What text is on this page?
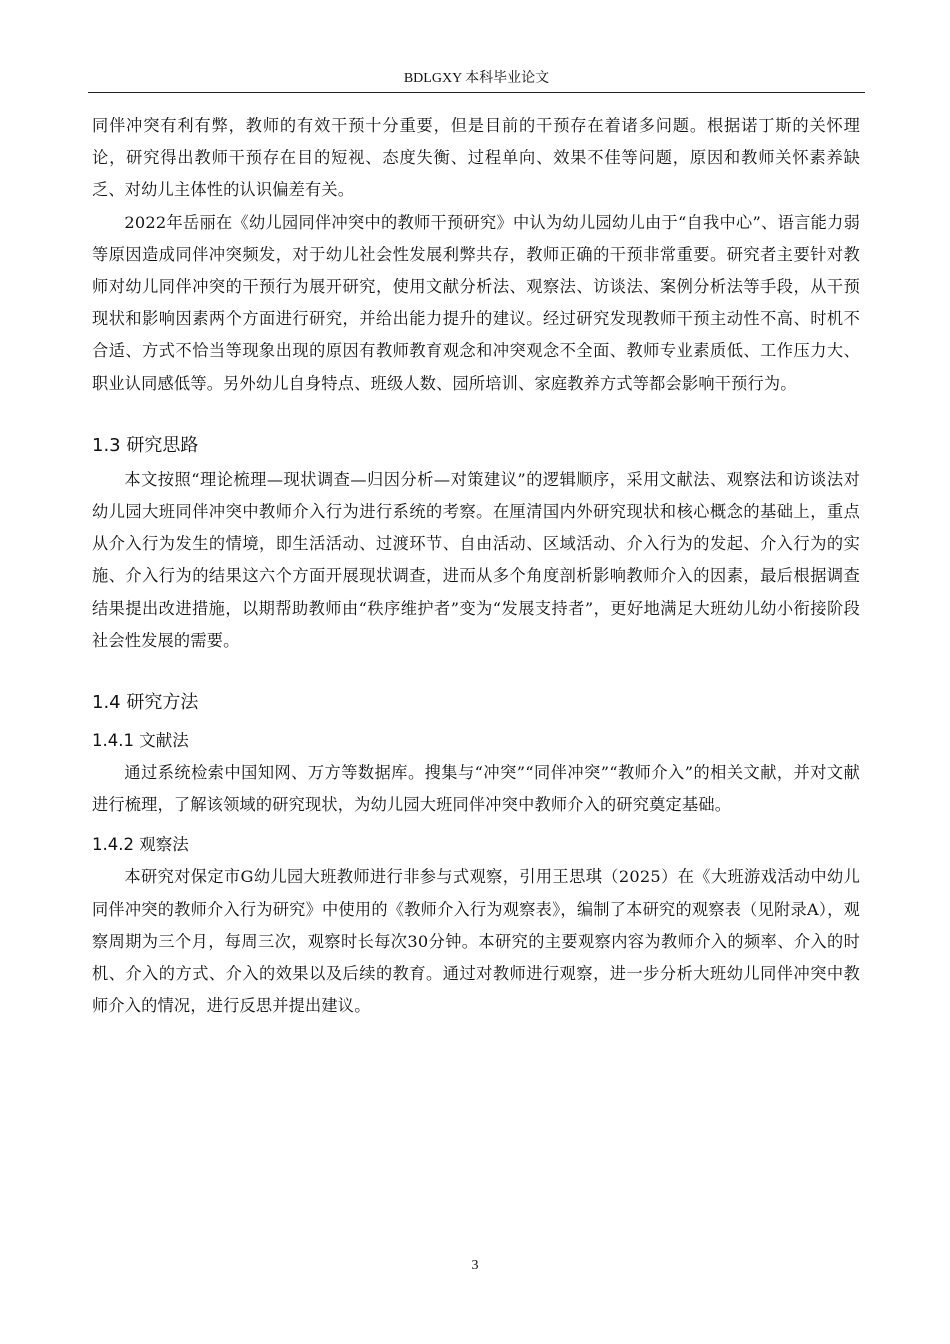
BDLGXY 本科毕业论文

同伴冲突有利有弊，教师的有效干预十分重要，但是目前的干预存在着诸多问题。根据诺丁斯的关怀理论，研究得出教师干预存在目的短视、态度失衡、过程单向、效果不佳等问题，原因和教师关怀素养缺乏、对幼儿主体性的认识偏差有关。

2022年岳丽在《幼儿园同伴冲突中的教师干预研究》中认为幼儿园幼儿由于“自我中心”、语言能力弱等原因造成同伴冲突频发，对于幼儿社会性发展利弊共存，教师正确的干预非常重要。研究者主要针对教师对幼儿同伴冲突的干预行为展开研究，使用文献分析法、观察法、访谈法、案例分析法等手段，从干预现状和影响因素两个方面进行研究，并给出能力提升的建议。经过研究发现教师干预主动性不高、时机不合适、方式不恰当等现象出现的原因有教师教育观念和冲突观念不全面、教师专业素质低、工作压力大、职业认同感低等。另外幼儿自身特点、班级人数、园所培训、家庭教养方式等都会影响干预行为。

1.3 研究思路

本文按照“理论梳理—现状调查—归因分析—对策建议”的逻辑顺序，采用文献法、观察法和访谈法对幼儿园大班同伴冲突中教师介入行为进行系统的考察。在厘清国内外研究现状和核心概念的基础上，重点从介入行为发生的情境，即生活活动、过渡环节、自由活动、区域活动、介入行为的发起、介入行为的实施、介入行为的结果这六个方面开展现状调查，进而从多个角度剖析影响教师介入的因素，最后根据调查结果提出改进措施，以期帮助教师由“秩序维护者”变为“发展支持者”，更好地满足大班幼儿幼小衔接阶段社会性发展的需要。

1.4 研究方法
1.4.1 文献法

通过系统检索中国知网、万方等数据库。搜集与“冲突”“同伴冲突”“教师介入”的相关文献，并对文献进行梳理，了解该领域的研究现状，为幼儿园大班同伴冲突中教师介入的研究奠定基础。

1.4.2 观察法

本研究对保定市G幼儿园大班教师进行非参与式观察，引用王思琪（2025）在《大班游戏活动中幼儿同伴冲突的教师介入行为研究》中使用的《教师介入行为观察表》，编制了本研究的观察表（见附录A），观察周期为三个月，每周三次，观察时长每次30分钟。本研究的主要观察内容为教师介入的频率、介入的时机、介入的方式、介入的效果以及后续的教育。通过对教师进行观察，进一步分析大班幼儿同伴冲突中教师介入的情况，进行反思并提出建议。

3
